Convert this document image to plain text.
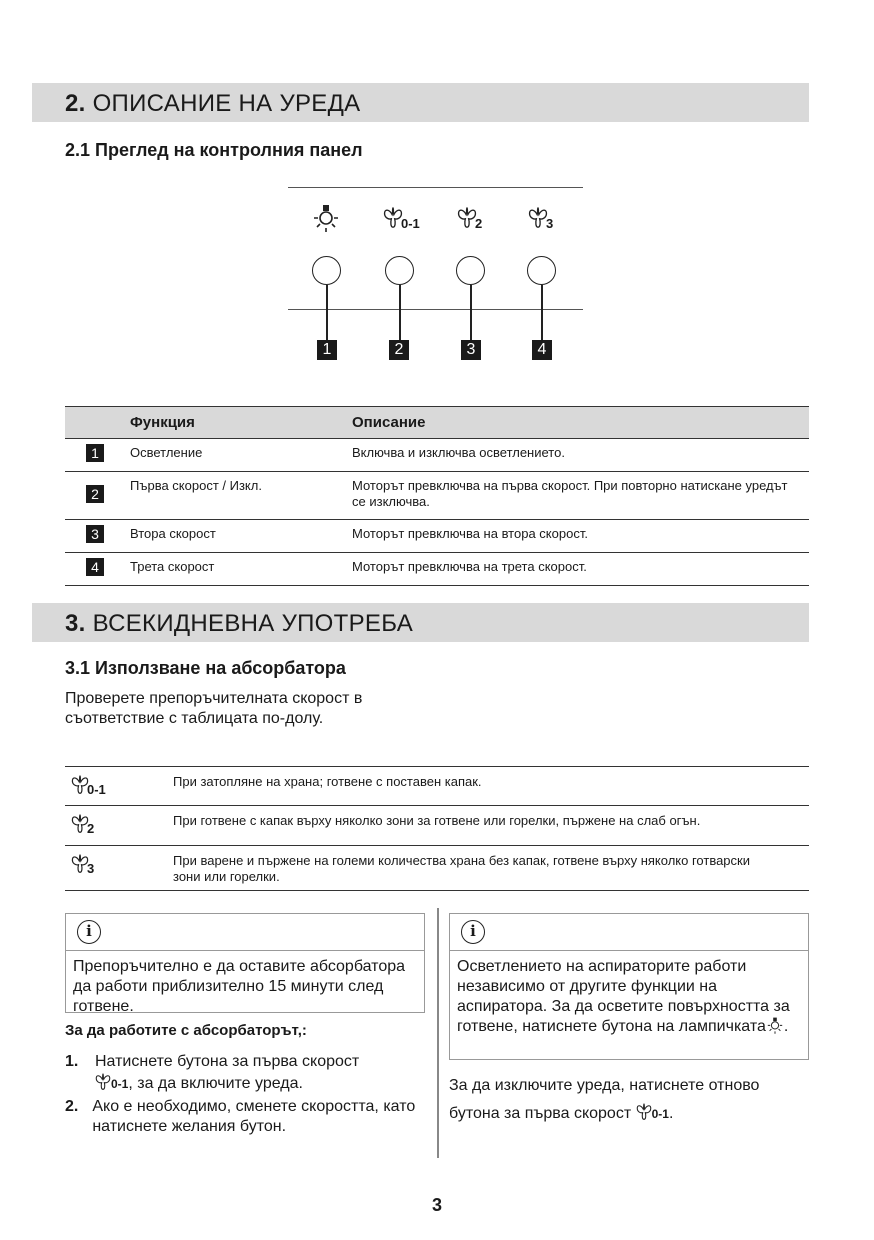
2. ОПИСАНИЕ НА УРЕДА
2.1 Преглед на контролния панел
0-1	2	3
1	2	3	4
	Функция	Описание
1	Осветление	Включва и изключва осветлението.
2	Първа скорост / Изкл.	Моторът превключва на първа скорост. При повторно натискане уредът се изключва.
3	Втора скорост	Моторът превключва на втора скорост.
4	Трета скорост	Моторът превключва на трета скорост.
3. ВСЕКИДНЕВНА УПОТРЕБА
3.1 Използване на абсорбатора
Проверете препоръчителната скорост в съответствие с таблицата по-долу.
0-1	При затопляне на храна; готвене с поставен капак.

2	При готвене с капак върху няколко зони за готвене или горелки, пържене на слаб огън.

3	При варене и пържене на големи количества храна без капак, готвене върху няколко готварски зони или горелки.
i
Препоръчително е да оставите абсорбатора да работи приблизително 15 минути след готвене.
За да работите с абсорбаторът,:
1. Натиснете бутона за първа скорост
0-1, за да включите уреда.
2. Ако е необходимо, сменете скоростта, като натиснете желания бутон.
i
Осветлението на аспираторите работи независимо от другите функции на аспиратора. За да осветите повърхността за готвене, натиснете бутона на лампичката .
За да изключите уреда, натиснете отново бутона за първа скорост 0-1.
3
